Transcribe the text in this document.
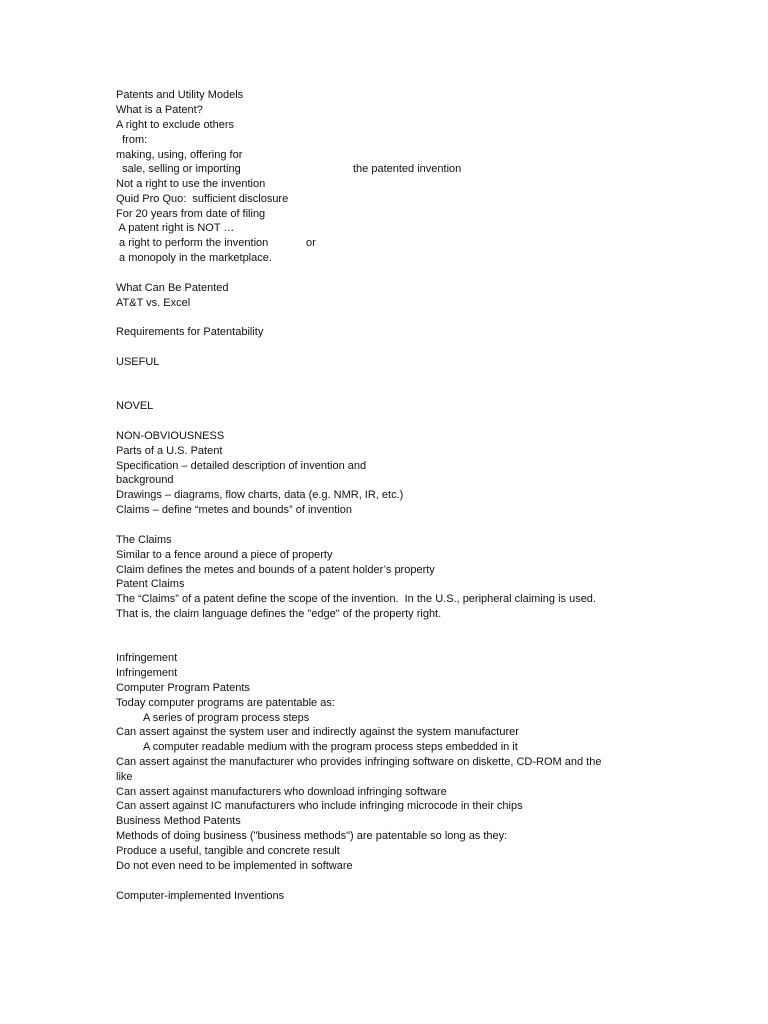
Patents and Utility Models

What is a Patent?

A right to exclude others

from:

making, using, offering for

sale, selling or importing	the patented invention

Not a right to use the invention

Quid Pro Quo:  sufficient disclosure

For 20 years from date of filing

A patent right is NOT …

a right to perform the invention	or

a monopoly in the marketplace.

What Can Be Patented

AT&T vs. Excel

Requirements for Patentability

USEFUL

NOVEL

NON-OBVIOUSNESS

Parts of a U.S. Patent

Specification – detailed description of invention and

background

Drawings – diagrams, flow charts, data (e.g. NMR, IR, etc.)

Claims – define “metes and bounds” of invention

The Claims

Similar to a fence around a piece of property

Claim defines the metes and bounds of a patent holder’s property

Patent Claims

The “Claims” of a patent define the scope of the invention.  In the U.S., peripheral claiming is used.

That is, the claim language defines the "edge" of the property right.

Infringement

Infringement

Computer Program Patents

Today computer programs are patentable as:

A series of program process steps

Can assert against the system user and indirectly against the system manufacturer

A computer readable medium with the program process steps embedded in it

Can assert against the manufacturer who provides infringing software on diskette, CD-ROM and the

like

Can assert against manufacturers who download infringing software

Can assert against IC manufacturers who include infringing microcode in their chips

Business Method Patents

Methods of doing business ("business methods") are patentable so long as they:

Produce a useful, tangible and concrete result

Do not even need to be implemented in software

Computer-implemented Inventions
